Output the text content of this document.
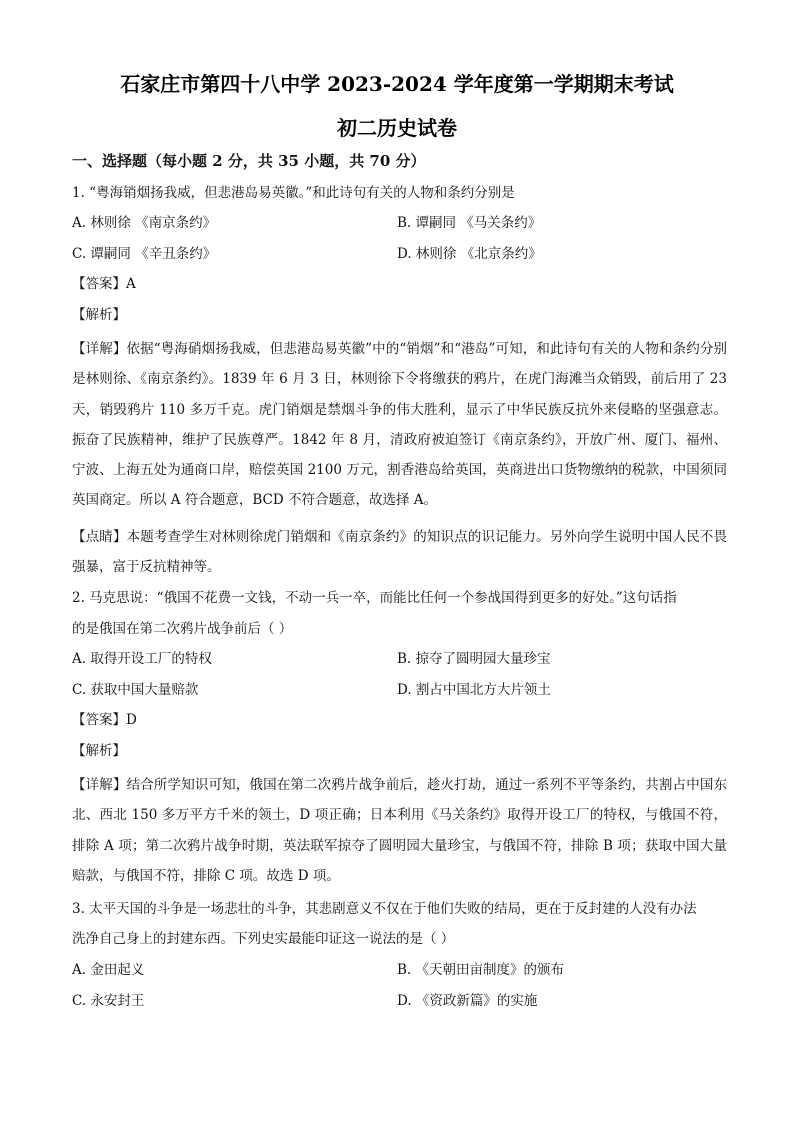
石家庄市第四十八中学 2023-2024 学年度第一学期期末考试
初二历史试卷
一、选择题（每小题 2 分，共 35 小题，共 70 分）
1. “粤海销烟扬我威，但悲港岛易英徽。”和此诗句有关的人物和条约分别是
A. 林则徐 《南京条约》	B. 谭嗣同 《马关条约》
C. 谭嗣同 《辛丑条约》	D. 林则徐 《北京条约》
【答案】A
【解析】
【详解】依据“粤海硝烟扬我威，但悲港岛易英徽”中的“销烟”和“港岛”可知，和此诗句有关的人物和条约分别是林则徐、《南京条约》。1839 年 6 月 3 日，林则徐下令将缴获的鸦片，在虎门海滩当众销毁，前后用了 23天，销毁鸦片 110 多万千克。虎门销烟是禁烟斗争的伟大胜利，显示了中华民族反抗外来侵略的坚强意志。振奋了民族精神，维护了民族尊严。1842 年 8 月，清政府被迫签订《南京条约》，开放广州、厦门、福州、宁波、上海五处为通商口岸，赔偿英国 2100 万元，割香港岛给英国，英商进出口货物缴纳的税款，中国须同英国商定。所以 A 符合题意，BCD 不符合题意，故选择 A。
【点睛】本题考查学生对林则徐虎门销烟和《南京条约》的知识点的识记能力。另外向学生说明中国人民不畏强暴，富于反抗精神等。
2. 马克思说：“俄国不花费一文钱，不动一兵一卒，而能比任何一个参战国得到更多的好处。”这句话指
的是俄国在第二次鸦片战争前后（ ）
A. 取得开设工厂的特权	B. 掠夺了圆明园大量珍宝
C. 获取中国大量赔款	D. 割占中国北方大片领土
【答案】D
【解析】
【详解】结合所学知识可知，俄国在第二次鸦片战争前后，趁火打劫，通过一系列不平等条约，共割占中国东北、西北 150 多万平方千米的领土，D 项正确；日本利用《马关条约》取得开设工厂的特权，与俄国不符，排除 A 项；第二次鸦片战争时期，英法联军掠夺了圆明园大量珍宝，与俄国不符，排除 B 项；获取中国大量赔款，与俄国不符，排除 C 项。故选 D 项。
3. 太平天国的斗争是一场悲壮的斗争，其悲剧意义不仅在于他们失败的结局，更在于反封建的人没有办法
洗净自己身上的封建东西。下列史实最能印证这一说法的是（ ）
A. 金田起义	B. 《天朝田亩制度》的颁布
C. 永安封王	D. 《资政新篇》的实施
